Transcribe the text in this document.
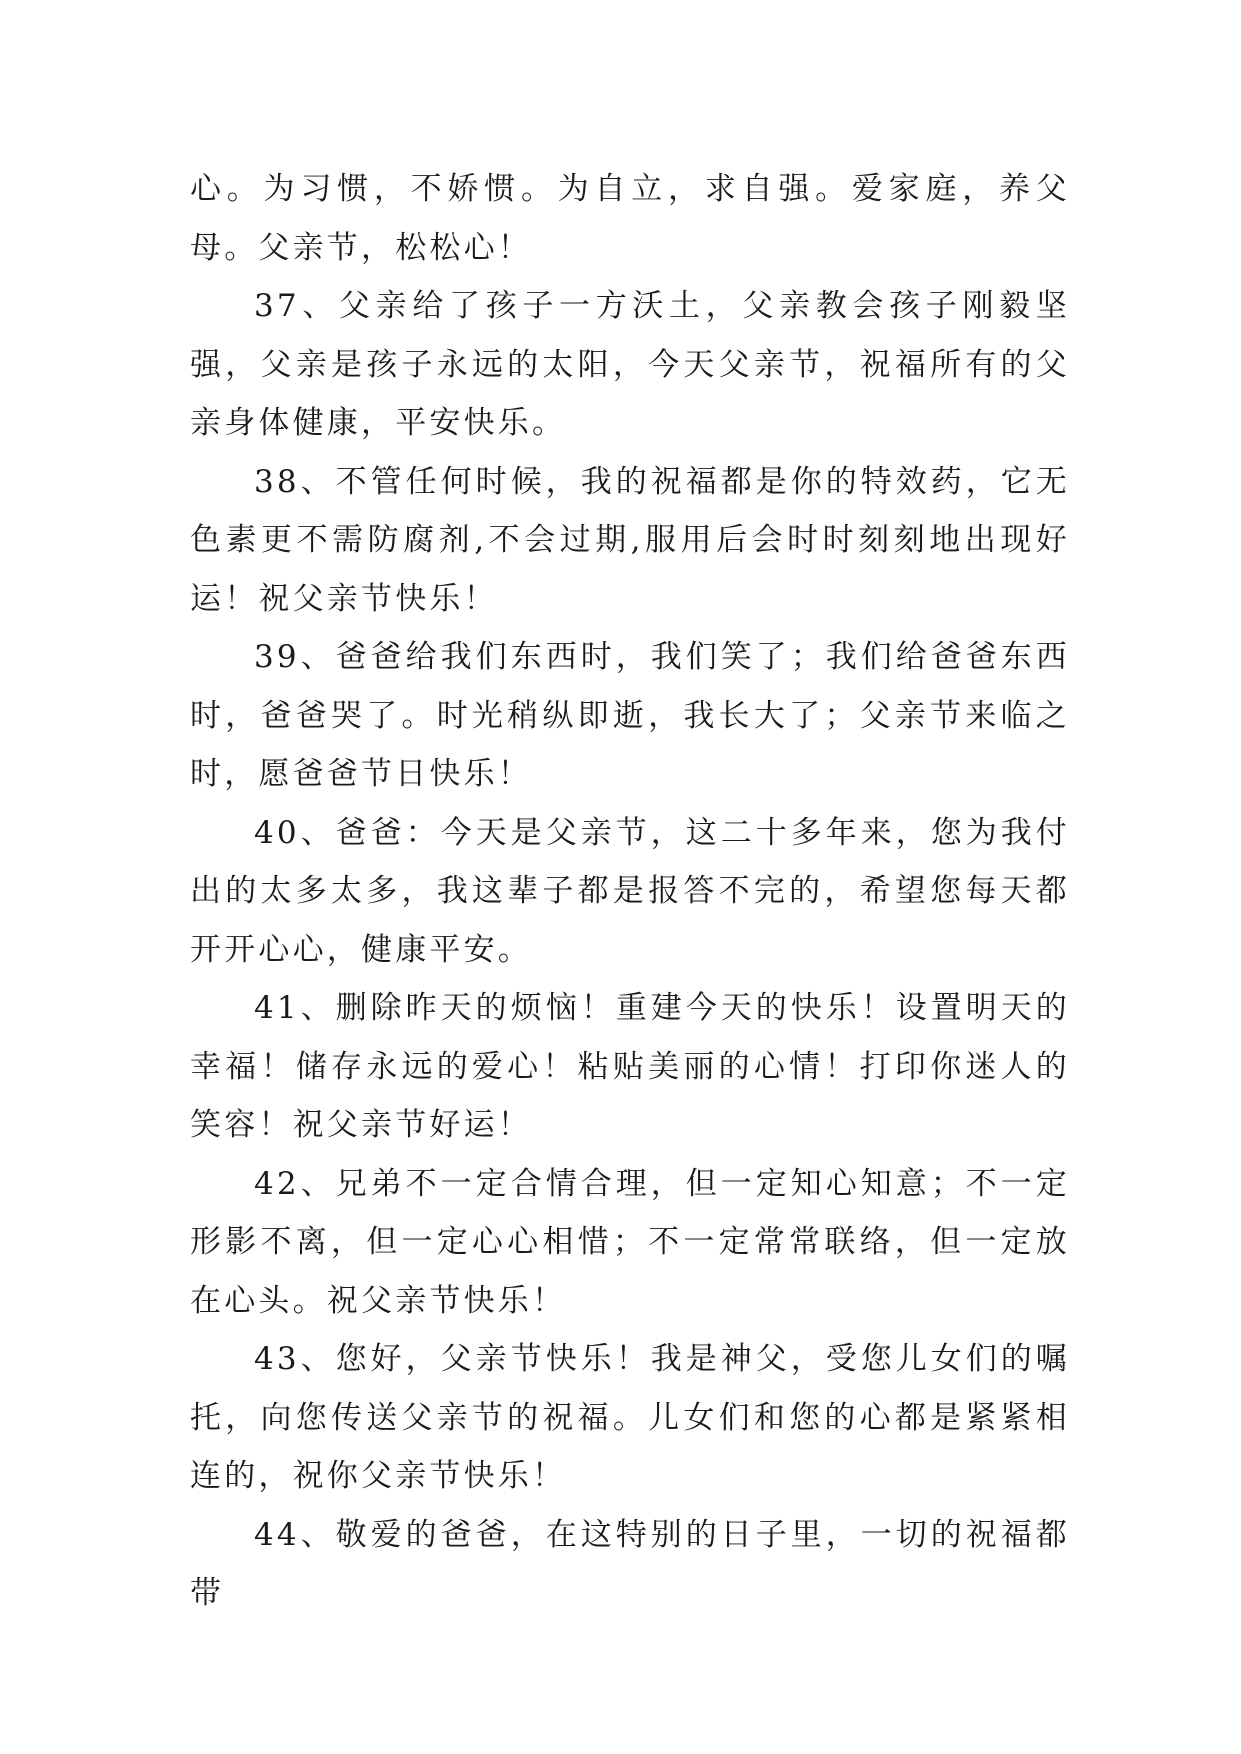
心。为习惯，不娇惯。为自立，求自强。爱家庭，养父母。父亲节，松松心！

37、父亲给了孩子一方沃土，父亲教会孩子刚毅坚强，父亲是孩子永远的太阳，今天父亲节，祝福所有的父亲身体健康，平安快乐。

38、不管任何时候，我的祝福都是你的特效药，它无色素更不需防腐剂,不会过期,服用后会时时刻刻地出现好运！祝父亲节快乐！

39、爸爸给我们东西时，我们笑了；我们给爸爸东西时，爸爸哭了。时光稍纵即逝，我长大了；父亲节来临之时，愿爸爸节日快乐！

40、爸爸：今天是父亲节，这二十多年来，您为我付出的太多太多，我这辈子都是报答不完的，希望您每天都开开心心，健康平安。

41、删除昨天的烦恼！重建今天的快乐！设置明天的幸福！储存永远的爱心！粘贴美丽的心情！打印你迷人的笑容！祝父亲节好运！

42、兄弟不一定合情合理，但一定知心知意；不一定形影不离，但一定心心相惜；不一定常常联络，但一定放在心头。祝父亲节快乐！

43、您好，父亲节快乐！我是神父，受您儿女们的嘱托，向您传送父亲节的祝福。儿女们和您的心都是紧紧相连的，祝你父亲节快乐！

44、敬爱的爸爸，在这特别的日子里，一切的祝福都带
